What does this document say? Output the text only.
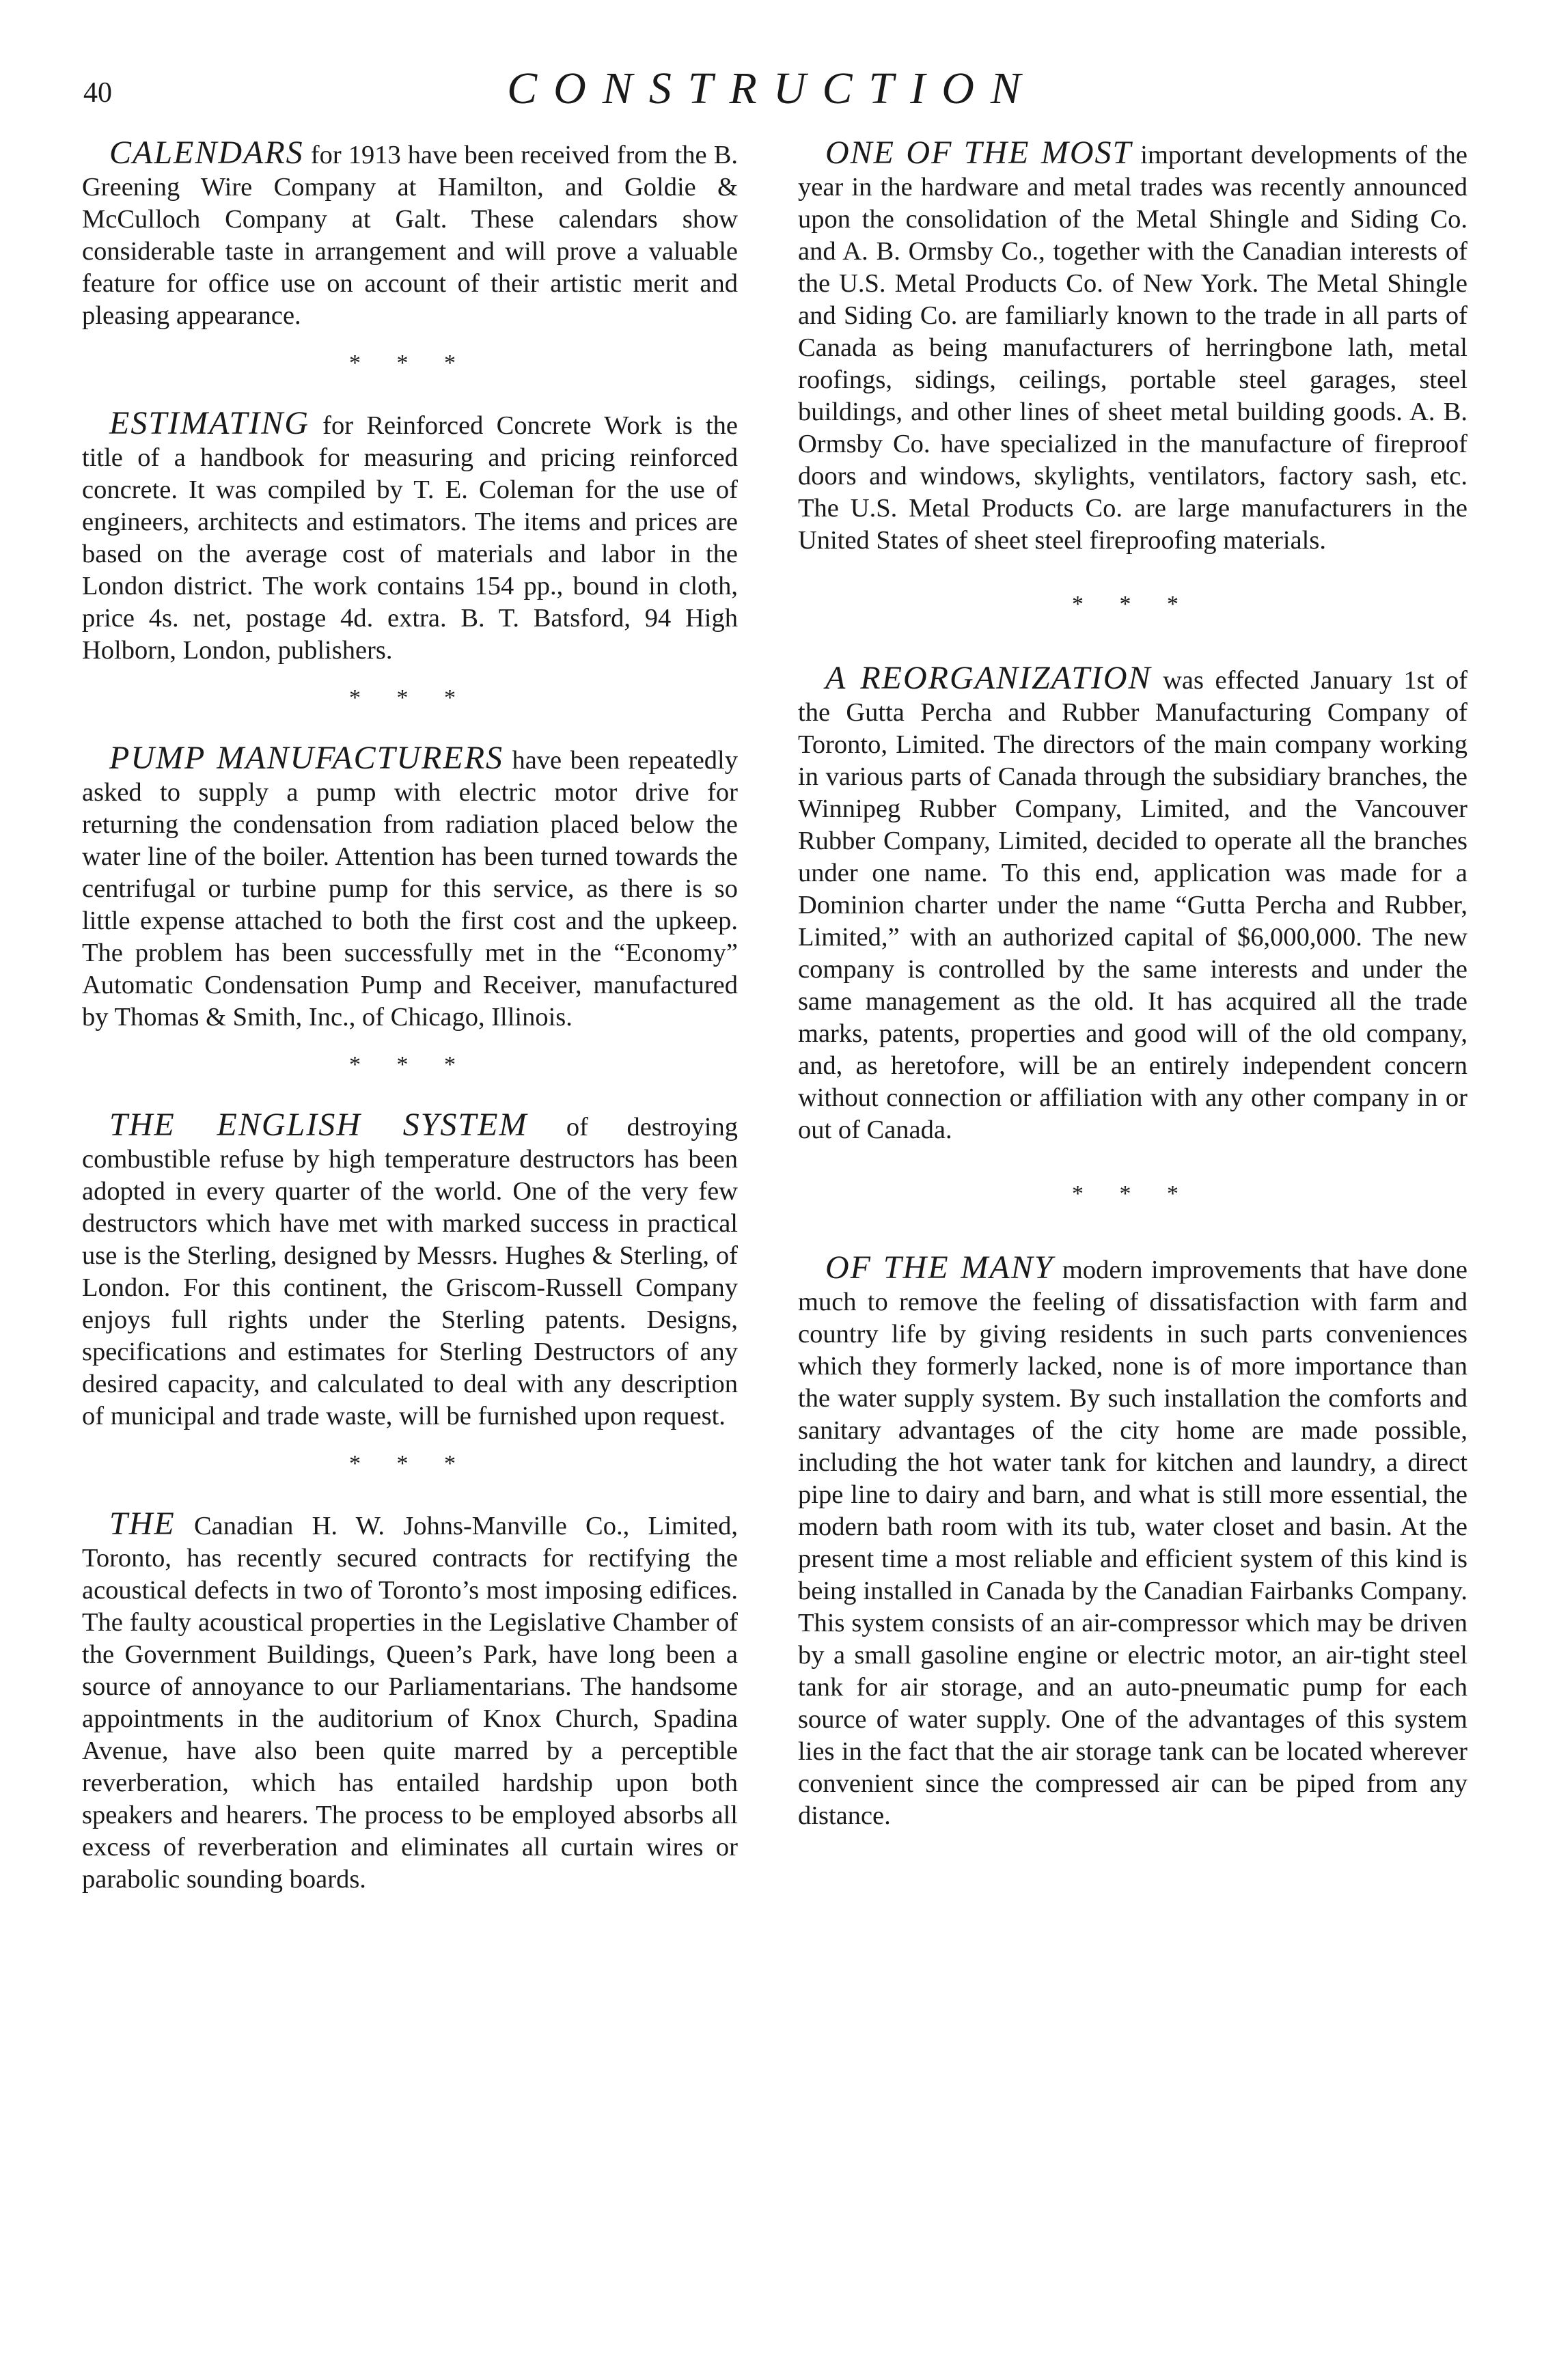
40	CONSTRUCTION

CALENDARS for 1913 have been received from the B. Greening Wire Company at Hamilton, and Goldie & McCulloch Company at Galt. These calendars show considerable taste in arrangement and will prove a valuable feature for office use on account of their artistic merit and pleasing appearance.

* * *

ESTIMATING for Reinforced Concrete Work is the title of a handbook for measuring and pricing reinforced concrete. It was compiled by T. E. Coleman for the use of engineers, architects and estimators. The items and prices are based on the average cost of materials and labor in the London district. The work contains 154 pp., bound in cloth, price 4s. net, postage 4d. extra. B. T. Batsford, 94 High Holborn, London, publishers.

* * *

PUMP MANUFACTURERS have been repeatedly asked to supply a pump with electric motor drive for returning the condensation from radiation placed below the water line of the boiler. Attention has been turned towards the centrifugal or turbine pump for this service, as there is so little expense attached to both the first cost and the upkeep. The problem has been successfully met in the “Economy” Automatic Condensation Pump and Receiver, manufactured by Thomas & Smith, Inc., of Chicago, Illinois.

* * *

THE ENGLISH SYSTEM of destroying combustible refuse by high temperature destructors has been adopted in every quarter of the world. One of the very few destructors which have met with marked success in practical use is the Sterling, designed by Messrs. Hughes & Sterling, of London. For this continent, the Griscom-Russell Company enjoys full rights under the Sterling patents. Designs, specifications and estimates for Sterling Destructors of any desired capacity, and calculated to deal with any description of municipal and trade waste, will be furnished upon request.

* * *

THE Canadian H. W. Johns-Manville Co., Limited, Toronto, has recently secured contracts for rectifying the acoustical defects in two of Toronto’s most imposing edifices. The faulty acoustical properties in the Legislative Chamber of the Government Buildings, Queen’s Park, have long been a source of annoyance to our Parliamentarians. The handsome appointments in the auditorium of Knox Church, Spadina Avenue, have also been quite marred by a perceptible reverberation, which has entailed hardship upon both speakers and hearers. The process to be employed absorbs all excess of reverberation and eliminates all curtain wires or parabolic sounding boards.

ONE OF THE MOST important developments of the year in the hardware and metal trades was recently announced upon the consolidation of the Metal Shingle and Siding Co. and A. B. Ormsby Co., together with the Canadian interests of the U.S. Metal Products Co. of New York. The Metal Shingle and Siding Co. are familiarly known to the trade in all parts of Canada as being manufacturers of herringbone lath, metal roofings, sidings, ceilings, portable steel garages, steel buildings, and other lines of sheet metal building goods. A. B. Ormsby Co. have specialized in the manufacture of fireproof doors and windows, skylights, ventilators, factory sash, etc. The U.S. Metal Products Co. are large manufacturers in the United States of sheet steel fireproofing materials.

* * *

A REORGANIZATION was effected January 1st of the Gutta Percha and Rubber Manufacturing Company of Toronto, Limited. The directors of the main company working in various parts of Canada through the subsidiary branches, the Winnipeg Rubber Company, Limited, and the Vancouver Rubber Company, Limited, decided to operate all the branches under one name. To this end, application was made for a Dominion charter under the name “Gutta Percha and Rubber, Limited,” with an authorized capital of $6,000,000. The new company is controlled by the same interests and under the same management as the old. It has acquired all the trade marks, patents, properties and good will of the old company, and, as heretofore, will be an entirely independent concern without connection or affiliation with any other company in or out of Canada.

* * *

OF THE MANY modern improvements that have done much to remove the feeling of dissatisfaction with farm and country life by giving residents in such parts conveniences which they formerly lacked, none is of more importance than the water supply system. By such installation the comforts and sanitary advantages of the city home are made possible, including the hot water tank for kitchen and laundry, a direct pipe line to dairy and barn, and what is still more essential, the modern bath room with its tub, water closet and basin. At the present time a most reliable and efficient system of this kind is being installed in Canada by the Canadian Fairbanks Company. This system consists of an air-compressor which may be driven by a small gasoline engine or electric motor, an air-tight steel tank for air storage, and an auto-pneumatic pump for each source of water supply. One of the advantages of this system lies in the fact that the air storage tank can be located wherever convenient since the compressed air can be piped from any distance.
